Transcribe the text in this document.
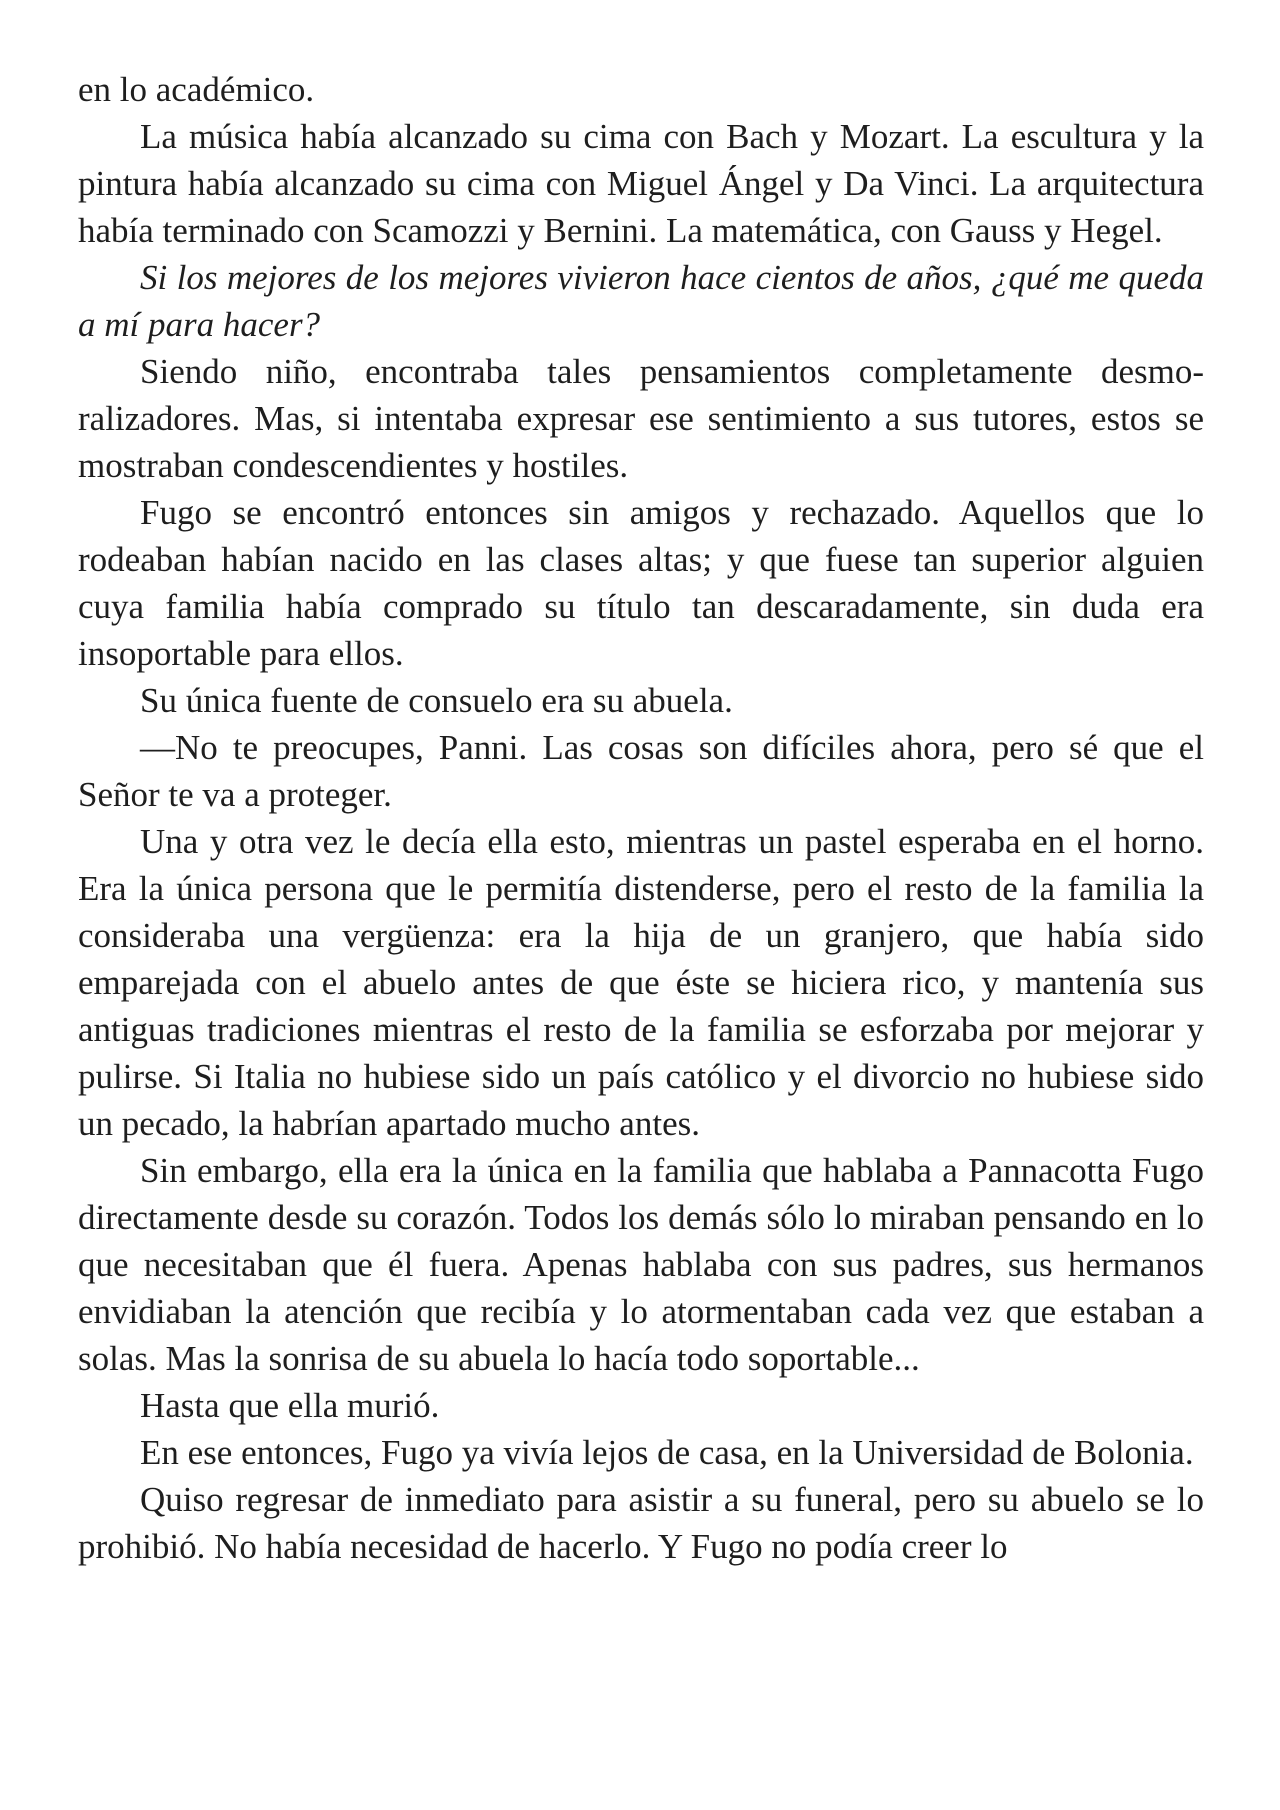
en lo académico.

La música había alcanzado su cima con Bach y Mozart. La escultura y la pintura había alcanzado su cima con Miguel Ángel y Da Vinci. La arquitectura había terminado con Scamozzi y Bernini. La matemática, con Gauss y Hegel.

Si los mejores de los mejores vivieron hace cientos de años, ¿qué me queda a mí para hacer?

Siendo niño, encontraba tales pensamientos completamente desmoralizadores. Mas, si intentaba expresar ese sentimiento a sus tutores, estos se mostraban condescendientes y hostiles.

Fugo se encontró entonces sin amigos y rechazado. Aquellos que lo rodeaban habían nacido en las clases altas; y que fuese tan superior alguien cuya familia había comprado su título tan descaradamente, sin duda era insoportable para ellos.

Su única fuente de consuelo era su abuela.

—No te preocupes, Panni. Las cosas son difíciles ahora, pero sé que el Señor te va a proteger.

Una y otra vez le decía ella esto, mientras un pastel esperaba en el horno. Era la única persona que le permitía distenderse, pero el resto de la familia la consideraba una vergüenza: era la hija de un granjero, que había sido emparejada con el abuelo antes de que éste se hiciera rico, y mantenía sus antiguas tradiciones mientras el resto de la familia se esforzaba por mejorar y pulirse. Si Italia no hubiese sido un país católico y el divorcio no hubiese sido un pecado, la habrían apartado mucho antes.

Sin embargo, ella era la única en la familia que hablaba a Pannacotta Fugo directamente desde su corazón. Todos los demás sólo lo miraban pensando en lo que necesitaban que él fuera. Apenas hablaba con sus padres, sus hermanos envidiaban la atención que recibía y lo atormentaban cada vez que estaban a solas. Mas la sonrisa de su abuela lo hacía todo soportable...

Hasta que ella murió.

En ese entonces, Fugo ya vivía lejos de casa, en la Universidad de Bolonia.

Quiso regresar de inmediato para asistir a su funeral, pero su abuelo se lo prohibió. No había necesidad de hacerlo. Y Fugo no podía creer lo
